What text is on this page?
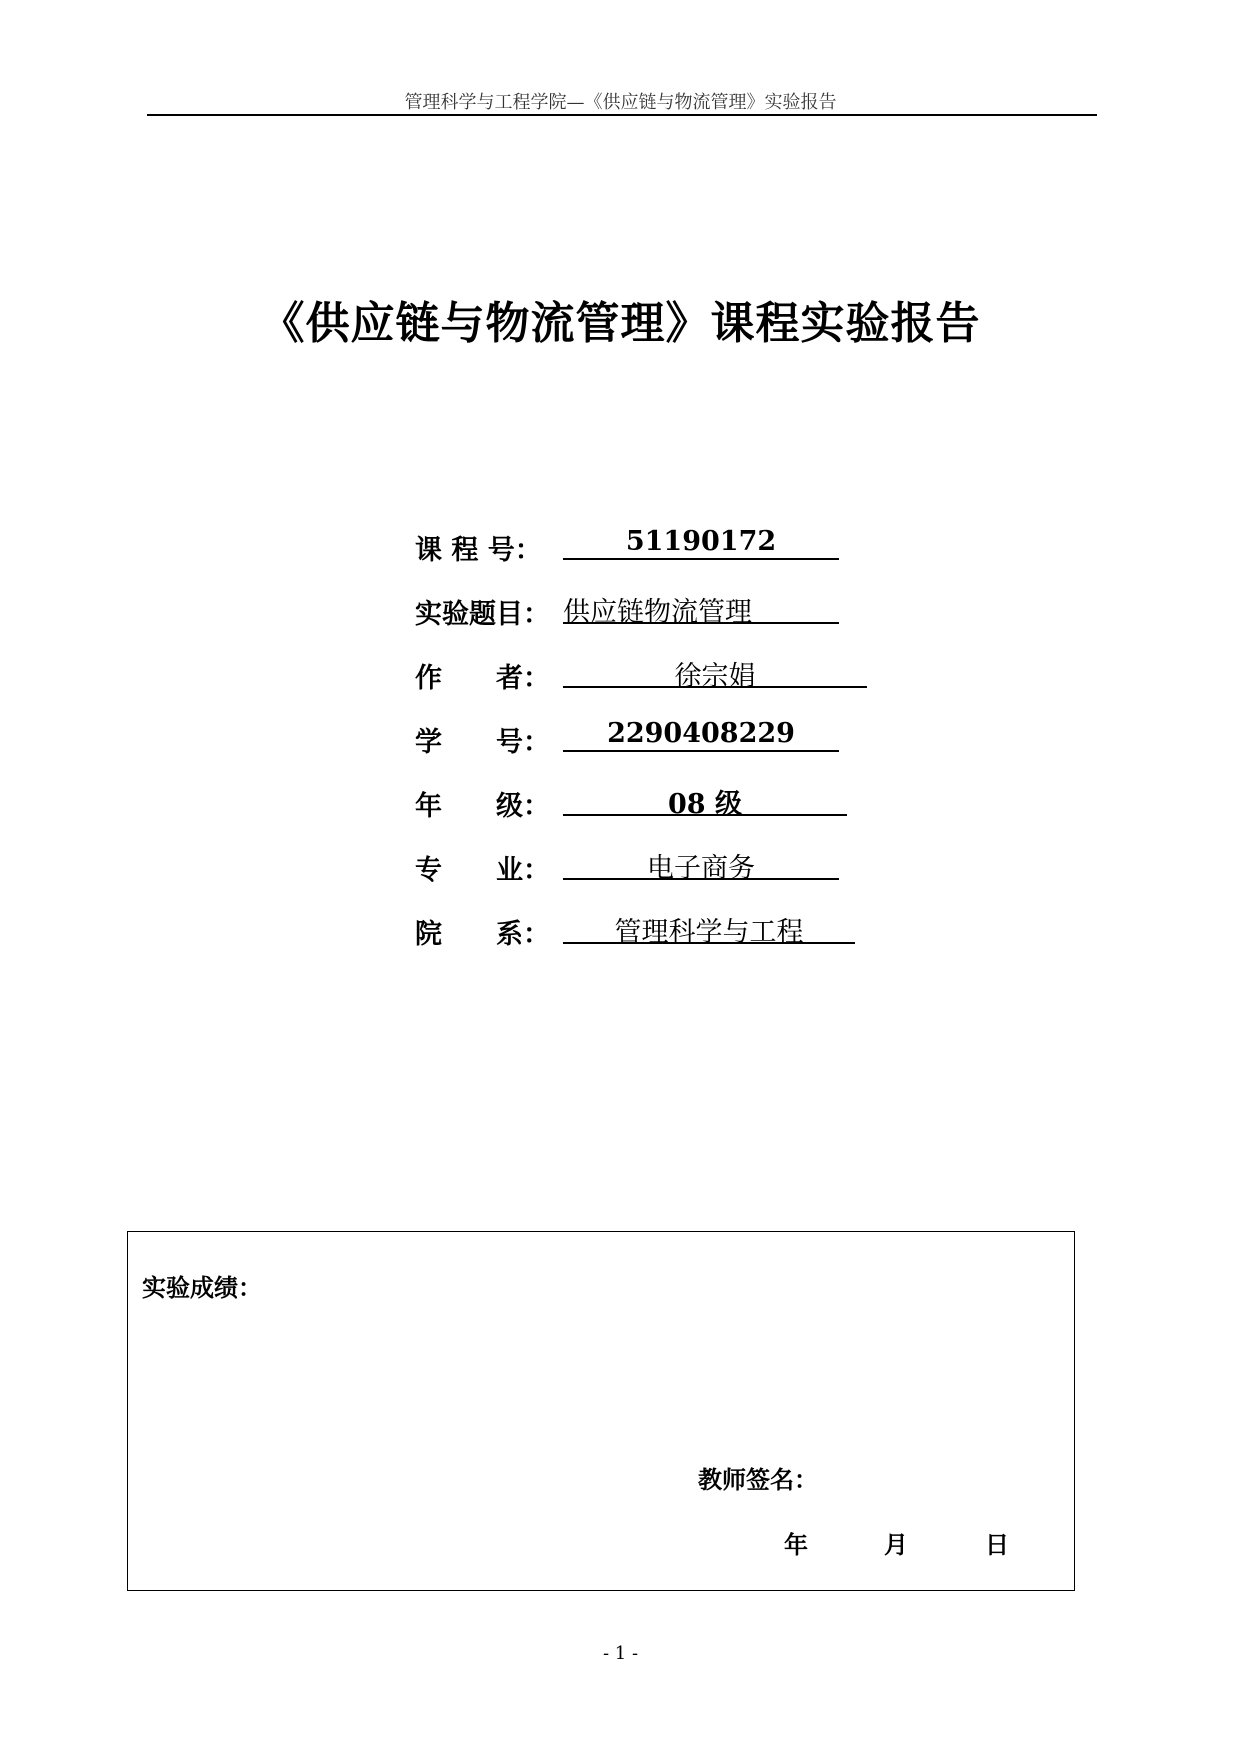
管理科学与工程学院—《供应链与物流管理》实验报告
《供应链与物流管理》课程实验报告
课 程 号：	51190172
实验题目： 供应链物流管理
作　　者：	徐宗娟
学　　号：	2290408229
年　　级：	08 级
专　　业：	电子商务
院　　系：	管理科学与工程
实验成绩：
教师签名：
年	月	日
- 1 -
